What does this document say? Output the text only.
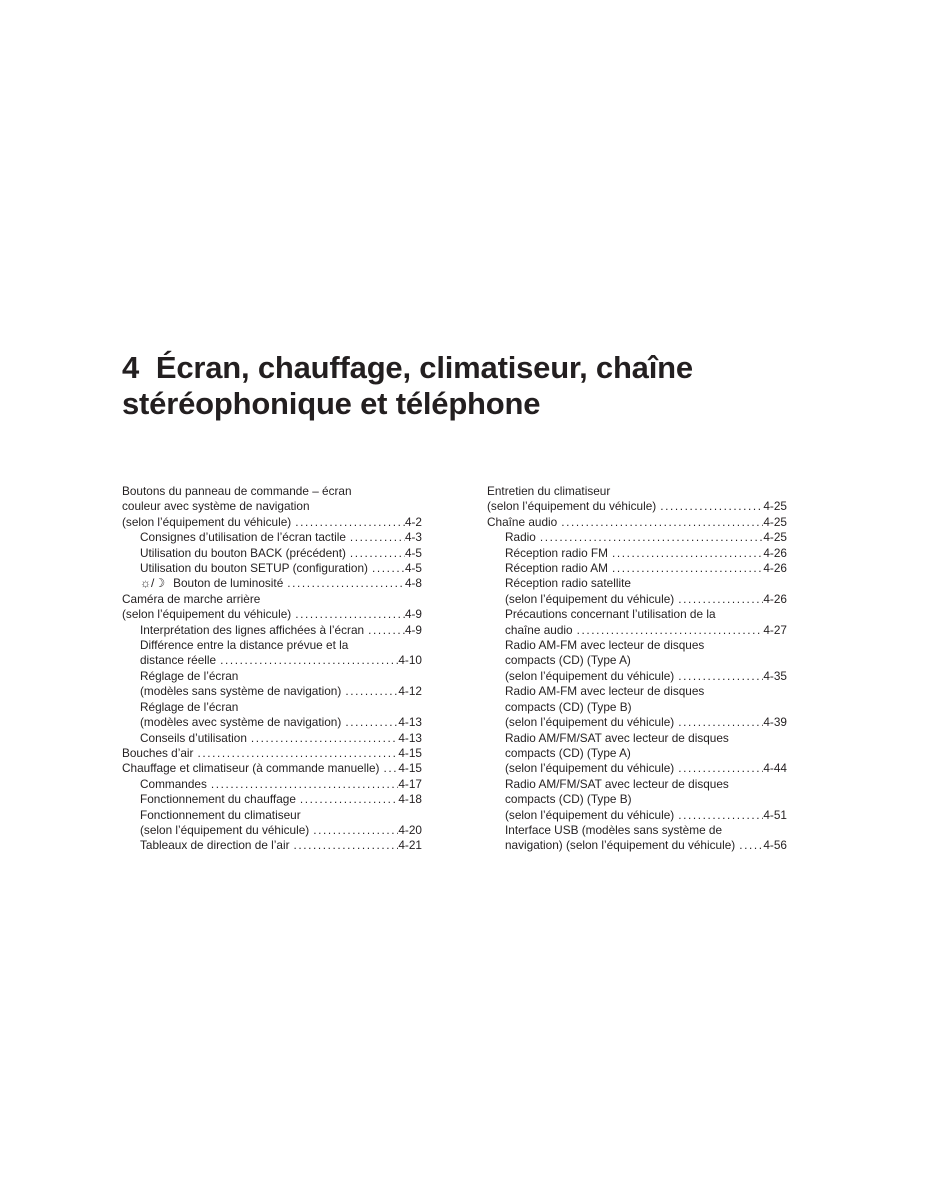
4 Écran, chauffage, climatiseur, chaîne
stéréophonique et téléphone
Boutons du panneau de commande – écran
couleur avec système de navigation
(selon l’équipement du véhicule) .....	4-2
Consignes d’utilisation de l’écran tactile .....	4-3
Utilisation du bouton BACK (précédent) .....	4-5
Utilisation du bouton SETUP (configuration) .....	4-5
☼/☽ Bouton de luminosité .....	4-8
Caméra de marche arrière
(selon l’équipement du véhicule) .....	4-9
Interprétation des lignes affichées à l’écran .....	4-9
Différence entre la distance prévue et la
distance réelle .....	4-10
Réglage de l’écran
(modèles sans système de navigation) .....	4-12
Réglage de l’écran
(modèles avec système de navigation) .....	4-13
Conseils d’utilisation .....	4-13
Bouches d’air .....	4-15
Chauffage et climatiseur (à commande manuelle) ..... 4-15
Commandes .....	4-17
Fonctionnement du chauffage .....	4-18
Fonctionnement du climatiseur
(selon l’équipement du véhicule) .....	4-20
Tableaux de direction de l’air .....	4-21
Entretien du climatiseur
(selon l’équipement du véhicule) .....	4-25
Chaîne audio .....	4-25
Radio .....	4-25
Réception radio FM .....	4-26
Réception radio AM .....	4-26
Réception radio satellite
(selon l’équipement du véhicule) .....	4-26
Précautions concernant l’utilisation de la
chaîne audio .....	4-27
Radio AM-FM avec lecteur de disques
compacts (CD) (Type A)
(selon l’équipement du véhicule) .....	4-35
Radio AM-FM avec lecteur de disques
compacts (CD) (Type B)
(selon l’équipement du véhicule) .....	4-39
Radio AM/FM/SAT avec lecteur de disques
compacts (CD) (Type A)
(selon l’équipement du véhicule) .....	4-44
Radio AM/FM/SAT avec lecteur de disques
compacts (CD) (Type B)
(selon l’équipement du véhicule) .....	4-51
Interface USB (modèles sans système de
navigation) (selon l’équipement du véhicule) ..... 4-56
